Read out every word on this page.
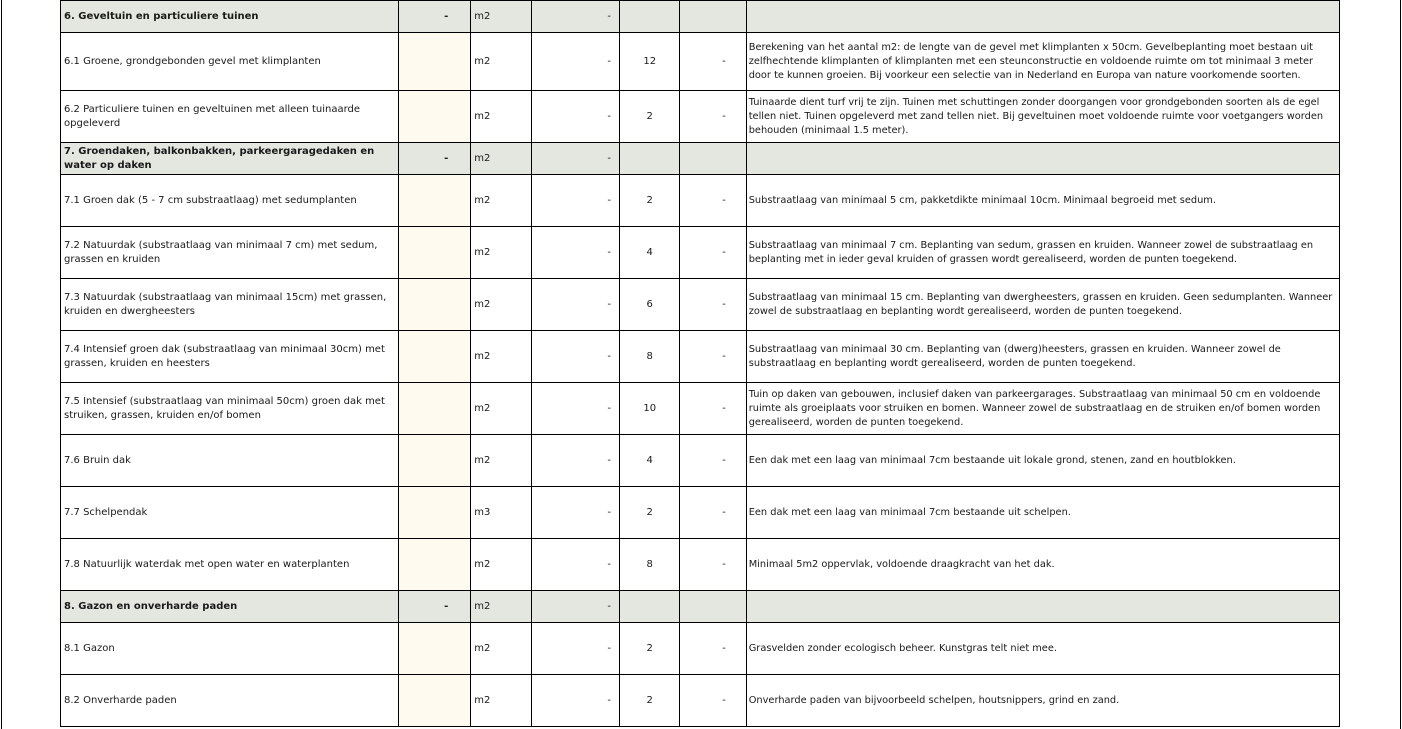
6. Geveltuin en particuliere tuinen	-	m2	-			
6.1 Groene, grondgebonden gevel met klimplanten		m2	-	12	-	Berekening van het aantal m2: de lengte van de gevel met klimplanten x 50cm. Gevelbeplanting moet bestaan uit zelfhechtende klimplanten of klimplanten met een steunconstructie en voldoende ruimte om tot minimaal 3 meter door te kunnen groeien. Bij voorkeur een selectie van in Nederland en Europa van nature voorkomende soorten.
6.2 Particuliere tuinen en geveltuinen met alleen tuinaarde opgeleverd		m2	-	2	-	Tuinaarde dient turf vrij te zijn. Tuinen met schuttingen zonder doorgangen voor grondgebonden soorten als de egel tellen niet. Tuinen opgeleverd met zand tellen niet. Bij geveltuinen moet voldoende ruimte voor voetgangers worden behouden (minimaal 1.5 meter).
7. Groendaken, balkonbakken, parkeergaragedaken en water op daken	-	m2	-			
7.1 Groen dak (5 - 7 cm substraatlaag) met sedumplanten		m2	-	2	-	Substraatlaag van minimaal 5 cm, pakketdikte minimaal 10cm. Minimaal begroeid met sedum.
7.2 Natuurdak (substraatlaag van minimaal 7 cm) met sedum, grassen en kruiden		m2	-	4	-	Substraatlaag van minimaal 7 cm. Beplanting van sedum, grassen en kruiden. Wanneer zowel de substraatlaag en beplanting met in ieder geval kruiden of grassen wordt gerealiseerd, worden de punten toegekend.
7.3 Natuurdak (substraatlaag van minimaal 15cm) met grassen, kruiden en dwergheesters		m2	-	6	-	Substraatlaag van minimaal 15 cm. Beplanting van dwergheesters, grassen en kruiden. Geen sedumplanten. Wanneer zowel de substraatlaag en beplanting wordt gerealiseerd, worden de punten toegekend.
7.4 Intensief groen dak (substraatlaag van minimaal 30cm) met grassen, kruiden en heesters		m2	-	8	-	Substraatlaag van minimaal 30 cm. Beplanting van (dwerg)heesters, grassen en kruiden. Wanneer zowel de substraatlaag en beplanting wordt gerealiseerd, worden de punten toegekend.
7.5 Intensief (substraatlaag van minimaal 50cm) groen dak met struiken, grassen, kruiden en/of bomen		m2	-	10	-	Tuin op daken van gebouwen, inclusief daken van parkeergarages. Substraatlaag van minimaal 50 cm en voldoende ruimte als groeiplaats voor struiken en bomen. Wanneer zowel de substraatlaag en de struiken en/of bomen worden gerealiseerd, worden de punten toegekend.
7.6 Bruin dak		m2	-	4	-	Een dak met een laag van minimaal 7cm bestaande uit lokale grond, stenen, zand en houtblokken.
7.7 Schelpendak		m3	-	2	-	Een dak met een laag van minimaal 7cm bestaande uit schelpen.
7.8 Natuurlijk waterdak met open water en waterplanten		m2	-	8	-	Minimaal 5m2 oppervlak, voldoende draagkracht van het dak.
8. Gazon en onverharde paden	-	m2	-			
8.1 Gazon		m2	-	2	-	Grasvelden zonder ecologisch beheer. Kunstgras telt niet mee.
8.2 Onverharde paden		m2	-	2	-	Onverharde paden van bijvoorbeeld schelpen, houtsnippers, grind en zand.
